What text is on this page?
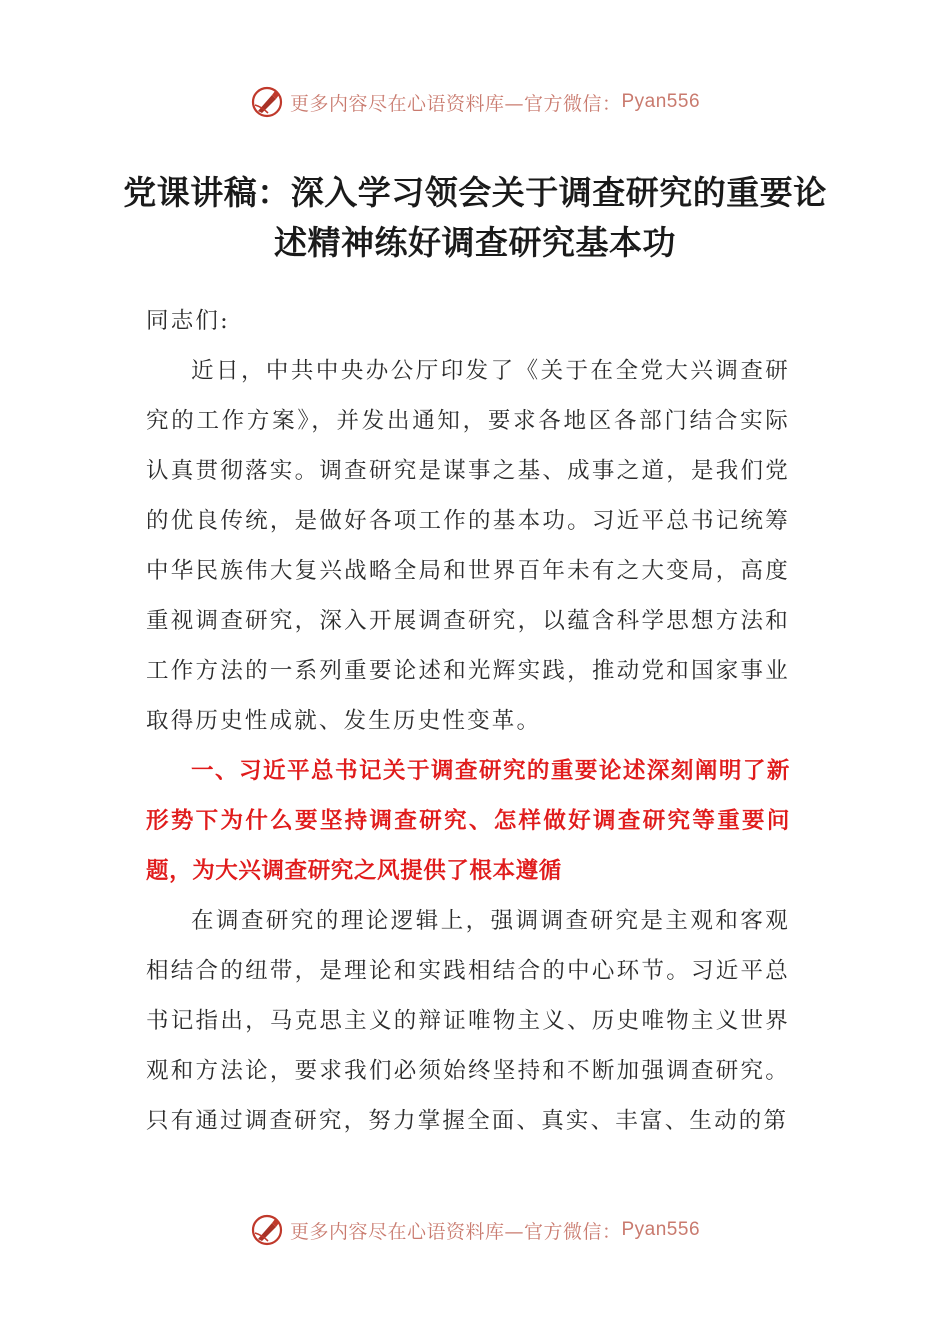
更多内容尽在心语资料库—官方微信： Pyan556
党课讲稿：深入学习领会关于调查研究的重要论述精神练好调查研究基本功

同志们:

近日，中共中央办公厅印发了《关于在全党大兴调查研究的工作方案》，并发出通知，要求各地区各部门结合实际认真贯彻落实。调查研究是谋事之基、成事之道，是我们党的优良传统，是做好各项工作的基本功。习近平总书记统筹中华民族伟大复兴战略全局和世界百年未有之大变局，高度重视调查研究，深入开展调查研究，以蕴含科学思想方法和工作方法的一系列重要论述和光辉实践，推动党和国家事业取得历史性成就、发生历史性变革。

一、习近平总书记关于调查研究的重要论述深刻阐明了新形势下为什么要坚持调查研究、怎样做好调查研究等重要问题，为大兴调查研究之风提供了根本遵循

在调查研究的理论逻辑上，强调调查研究是主观和客观相结合的纽带，是理论和实践相结合的中心环节。习近平总书记指出，马克思主义的辩证唯物主义、历史唯物主义世界观和方法论，要求我们必须始终坚持和不断加强调查研究。只有通过调查研究，努力掌握全面、真实、丰富、生动的第

更多内容尽在心语资料库—官方微信： Pyan556
